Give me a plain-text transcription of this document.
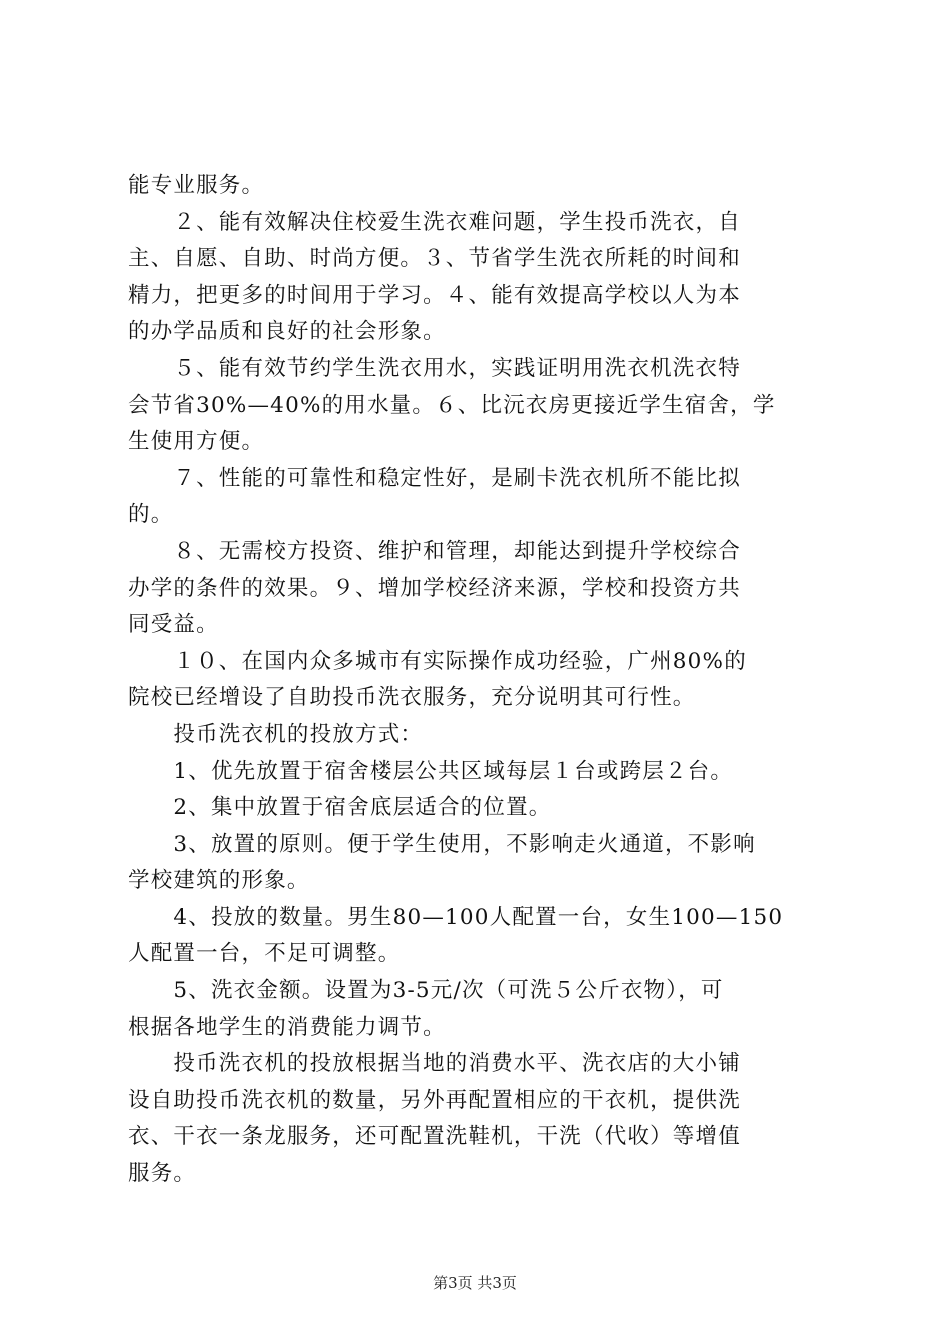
能专业服务。
　　２、能有效解决住校爱生洗衣难问题，学生投币洗衣，自
主、自愿、自助、时尚方便。３、节省学生洗衣所耗的时间和
精力，把更多的时间用于学习。４、能有效提高学校以人为本
的办学品质和良好的社会形象。
　　５、能有效节约学生洗衣用水，实践证明用洗衣机洗衣特
会节省30%—40%的用水量。６、比沅衣房更接近学生宿舍，学
生使用方便。
　　７、性能的可靠性和稳定性好，是刷卡洗衣机所不能比拟
的。
　　８、无需校方投资、维护和管理，却能达到提升学校综合
办学的条件的效果。９、增加学校经济来源，学校和投资方共
同受益。
　　１０、在国内众多城市有实际操作成功经验，广州80%的
院校已经增设了自助投币洗衣服务，充分说明其可行性。
　　投币洗衣机的投放方式：
　　1、优先放置于宿舍楼层公共区域每层１台或跨层２台。
　　2、集中放置于宿舍底层适合的位置。
　　3、放置的原则。便于学生使用，不影响走火通道，不影响
学校建筑的形象。
　　4、投放的数量。男生80—100人配置一台，女生100—150
人配置一台，不足可调整。
　　5、洗衣金额。设置为3-5元/次（可洗５公斤衣物），可
根据各地学生的消费能力调节。
　　投币洗衣机的投放根据当地的消费水平、洗衣店的大小铺
设自助投币洗衣机的数量，另外再配置相应的干衣机，提供洗
衣、干衣一条龙服务，还可配置洗鞋机，干洗（代收）等增值
服务。
第3页 共3页
